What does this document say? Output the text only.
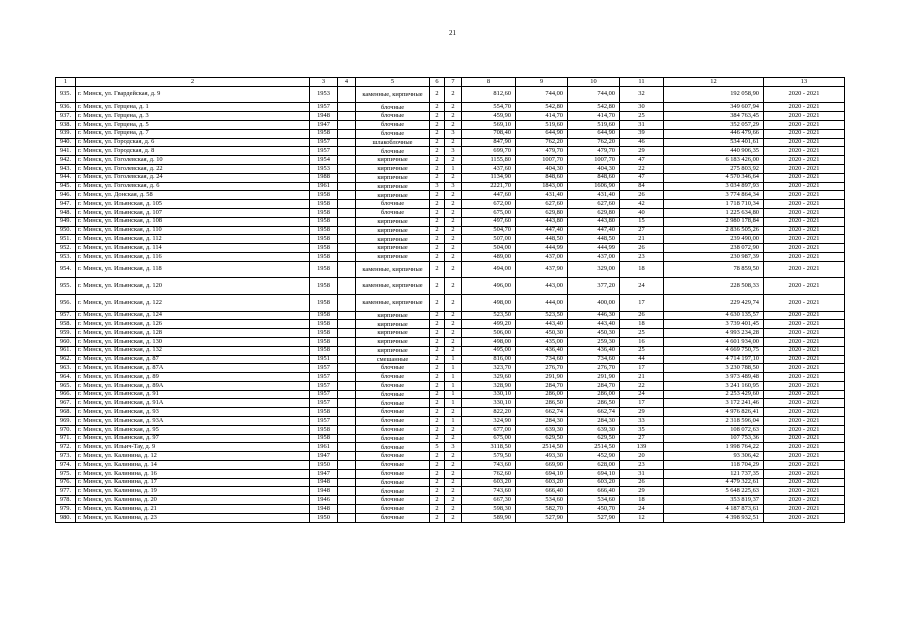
21
1	2	3	4	5	6	7	8	9	10	11	12	13
935.	г. Минск, ул. Гвардейская, д. 9	1953		каменные, кирпичные	2	2	812,60	744,00	744,00	32	192 058,90	2020 - 2021
936.	г. Минск, ул. Герцена, д. 1	1957		блочные	2	2	554,70	542,80	542,80	30	349 607,94	2020 - 2021
937.	г. Минск, ул. Герцена, д. 3	1948		блочные	2	2	459,90	414,70	414,70	25	384 763,45	2020 - 2021
938.	г. Минск, ул. Герцена, д. 5	1947		блочные	2	2	569,10	519,60	519,60	31	352 057,29	2020 - 2021
939.	г. Минск, ул. Герцена, д. 7	1958		блочные	2	3	708,40	644,90	644,90	39	446 479,66	2020 - 2021
940.	г. Минск, ул. Городская, д. 6	1957		шлакоблочные	2	2	847,90	762,20	762,20	46	534 401,61	2020 - 2021
941.	г. Минск, ул. Городская, д. 8	1957		блочные	2	3	699,70	479,70	479,70	29	440 906,35	2020 - 2021
942.	г. Минск, ул. Гоголевская, д. 10	1954		кирпичные	2	2	1155,80	1007,70	1007,70	47	6 183 426,00	2020 - 2021
943.	г. Минск, ул. Гоголевская, д. 22	1953		кирпичные	2	1	437,60	404,30	404,30	22	275 803,92	2020 - 2021
944.	г. Минск, ул. Гоголевская, д. 24	1988		кирпичные	2	2	1134,90	848,60	848,60	47	4 570 346,64	2020 - 2021
945.	г. Минск, ул. Гоголевская, д. 6	1961		кирпичные	3	3	2221,70	1843,00	1606,90	84	3 034 897,93	2020 - 2021
946.	г. Минск, ул. Донская, д. 58	1958		кирпичные	2	2	447,60	431,40	431,40	26	3 774 864,34	2020 - 2021
947.	г. Минск, ул. Ильянская, д. 105	1958		блочные	2	2	672,00	627,60	627,60	42	1 718 710,34	2020 - 2021
948.	г. Минск, ул. Ильянская, д. 107	1958		блочные	2	2	675,00	629,80	629,80	40	1 225 634,80	2020 - 2021
949.	г. Минск, ул. Ильянская, д. 108	1958		кирпичные	2	2	497,60	443,80	443,80	15	2 980 178,84	2020 - 2021
950.	г. Минск, ул. Ильянская, д. 110	1958		кирпичные	2	2	504,70	447,40	447,40	27	2 836 505,26	2020 - 2021
951.	г. Минск, ул. Ильянская, д. 112	1958		кирпичные	2	2	507,00	448,50	448,50	21	239 490,00	2020 - 2021
952.	г. Минск, ул. Ильянская, д. 114	1958		кирпичные	2	2	504,00	444,99	444,99	26	238 072,90	2020 - 2021
953.	г. Минск, ул. Ильянская, д. 116	1958		кирпичные	2	2	489,00	437,00	437,00	23	230 987,39	2020 - 2021
954.	г. Минск, ул. Ильянская, д. 118	1958		каменные, кирпичные	2	2	494,00	437,90	329,00	18	78 859,50	2020 - 2021
955.	г. Минск, ул. Ильянская, д. 120	1958		каменные, кирпичные	2	2	496,00	443,00	377,20	24	228 508,33	2020 - 2021
956.	г. Минск, ул. Ильянская, д. 122	1958		каменные, кирпичные	2	2	498,00	444,00	400,00	17	229 429,74	2020 - 2021
957.	г. Минск, ул. Ильянская, д. 124	1958		кирпичные	2	2	523,50	523,50	446,30	26	4 630 135,57	2020 - 2021
958.	г. Минск, ул. Ильянская, д. 126	1958		кирпичные	2	2	499,20	443,40	443,40	18	3 739 401,45	2020 - 2021
959.	г. Минск, ул. Ильянская, д. 128	1958		кирпичные	2	2	506,00	450,30	450,30	25	4 993 234,28	2020 - 2021
960.	г. Минск, ул. Ильянская, д. 130	1958		кирпичные	2	2	498,00	435,00	259,30	16	4 601 934,00	2020 - 2021
961.	г. Минск, ул. Ильянская, д. 132	1958		кирпичные	2	2	495,00	436,40	436,40	25	4 669 750,75	2020 - 2021
962.	г. Минск, ул. Ильянская, д. 87	1951		смешанные	2	1	816,00	734,60	734,60	44	4 714 197,10	2020 - 2021
963.	г. Минск, ул. Ильянская, д. 87А	1957		блочные	2	1	323,70	276,70	276,70	17	3 230 788,50	2020 - 2021
964.	г. Минск, ул. Ильянская, д. 89	1957		блочные	2	1	329,60	291,90	291,90	21	3 973 489,48	2020 - 2021
965.	г. Минск, ул. Ильянская, д. 89А	1957		блочные	2	1	328,90	284,70	284,70	22	3 241 160,95	2020 - 2021
966.	г. Минск, ул. Ильянская, д. 91	1957		блочные	2	1	330,10	286,00	286,00	24	2 253 429,60	2020 - 2021
967.	г. Минск, ул. Ильянская, д. 91А	1957		блочные	2	1	330,10	286,50	286,50	17	3 172 241,46	2020 - 2021
968.	г. Минск, ул. Ильянская, д. 93	1958		блочные	2	2	822,20	662,74	662,74	29	4 976 826,41	2020 - 2021
969.	г. Минск, ул. Ильянская, д. 93А	1957		блочные	2	1	324,90	284,30	284,30	33	2 318 596,04	2020 - 2021
970.	г. Минск, ул. Ильянская, д. 95	1958		блочные	2	2	677,00	639,30	639,30	35	108 072,63	2020 - 2021
971.	г. Минск, ул. Ильянская, д. 97	1958		блочные	2	2	675,00	629,50	629,50	27	107 753,36	2020 - 2021
972.	г. Минск, ул. Ильич-Тау, д. 9	1961		блочные	5	3	3118,50	2514,50	2514,50	139	1 998 764,22	2020 - 2021
973.	г. Минск, ул. Калинина, д. 12	1947		блочные	2	2	579,50	493,30	452,90	20	93 306,42	2020 - 2021
974.	г. Минск, ул. Калинина, д. 14	1950		блочные	2	2	743,60	669,90	628,00	23	118 704,29	2020 - 2021
975.	г. Минск, ул. Калинина, д. 16	1947		блочные	2	2	762,60	694,10	694,10	31	121 737,35	2020 - 2021
976.	г. Минск, ул. Калинина, д. 17	1948		блочные	2	2	603,20	603,20	603,20	26	4 479 322,61	2020 - 2021
977.	г. Минск, ул. Калинина, д. 19	1948		блочные	2	2	743,60	666,40	666,40	29	5 648 225,63	2020 - 2021
978.	г. Минск, ул. Калинина, д. 20	1946		блочные	2	2	667,30	534,60	534,60	18	353 819,37	2020 - 2021
979.	г. Минск, ул. Калинина, д. 21	1948		блочные	2	2	598,30	582,70	450,70	24	4 187 873,61	2020 - 2021
980.	г. Минск, ул. Калинина, д. 23	1950		блочные	2	2	589,90	527,90	527,90	12	4 398 932,51	2020 - 2021
